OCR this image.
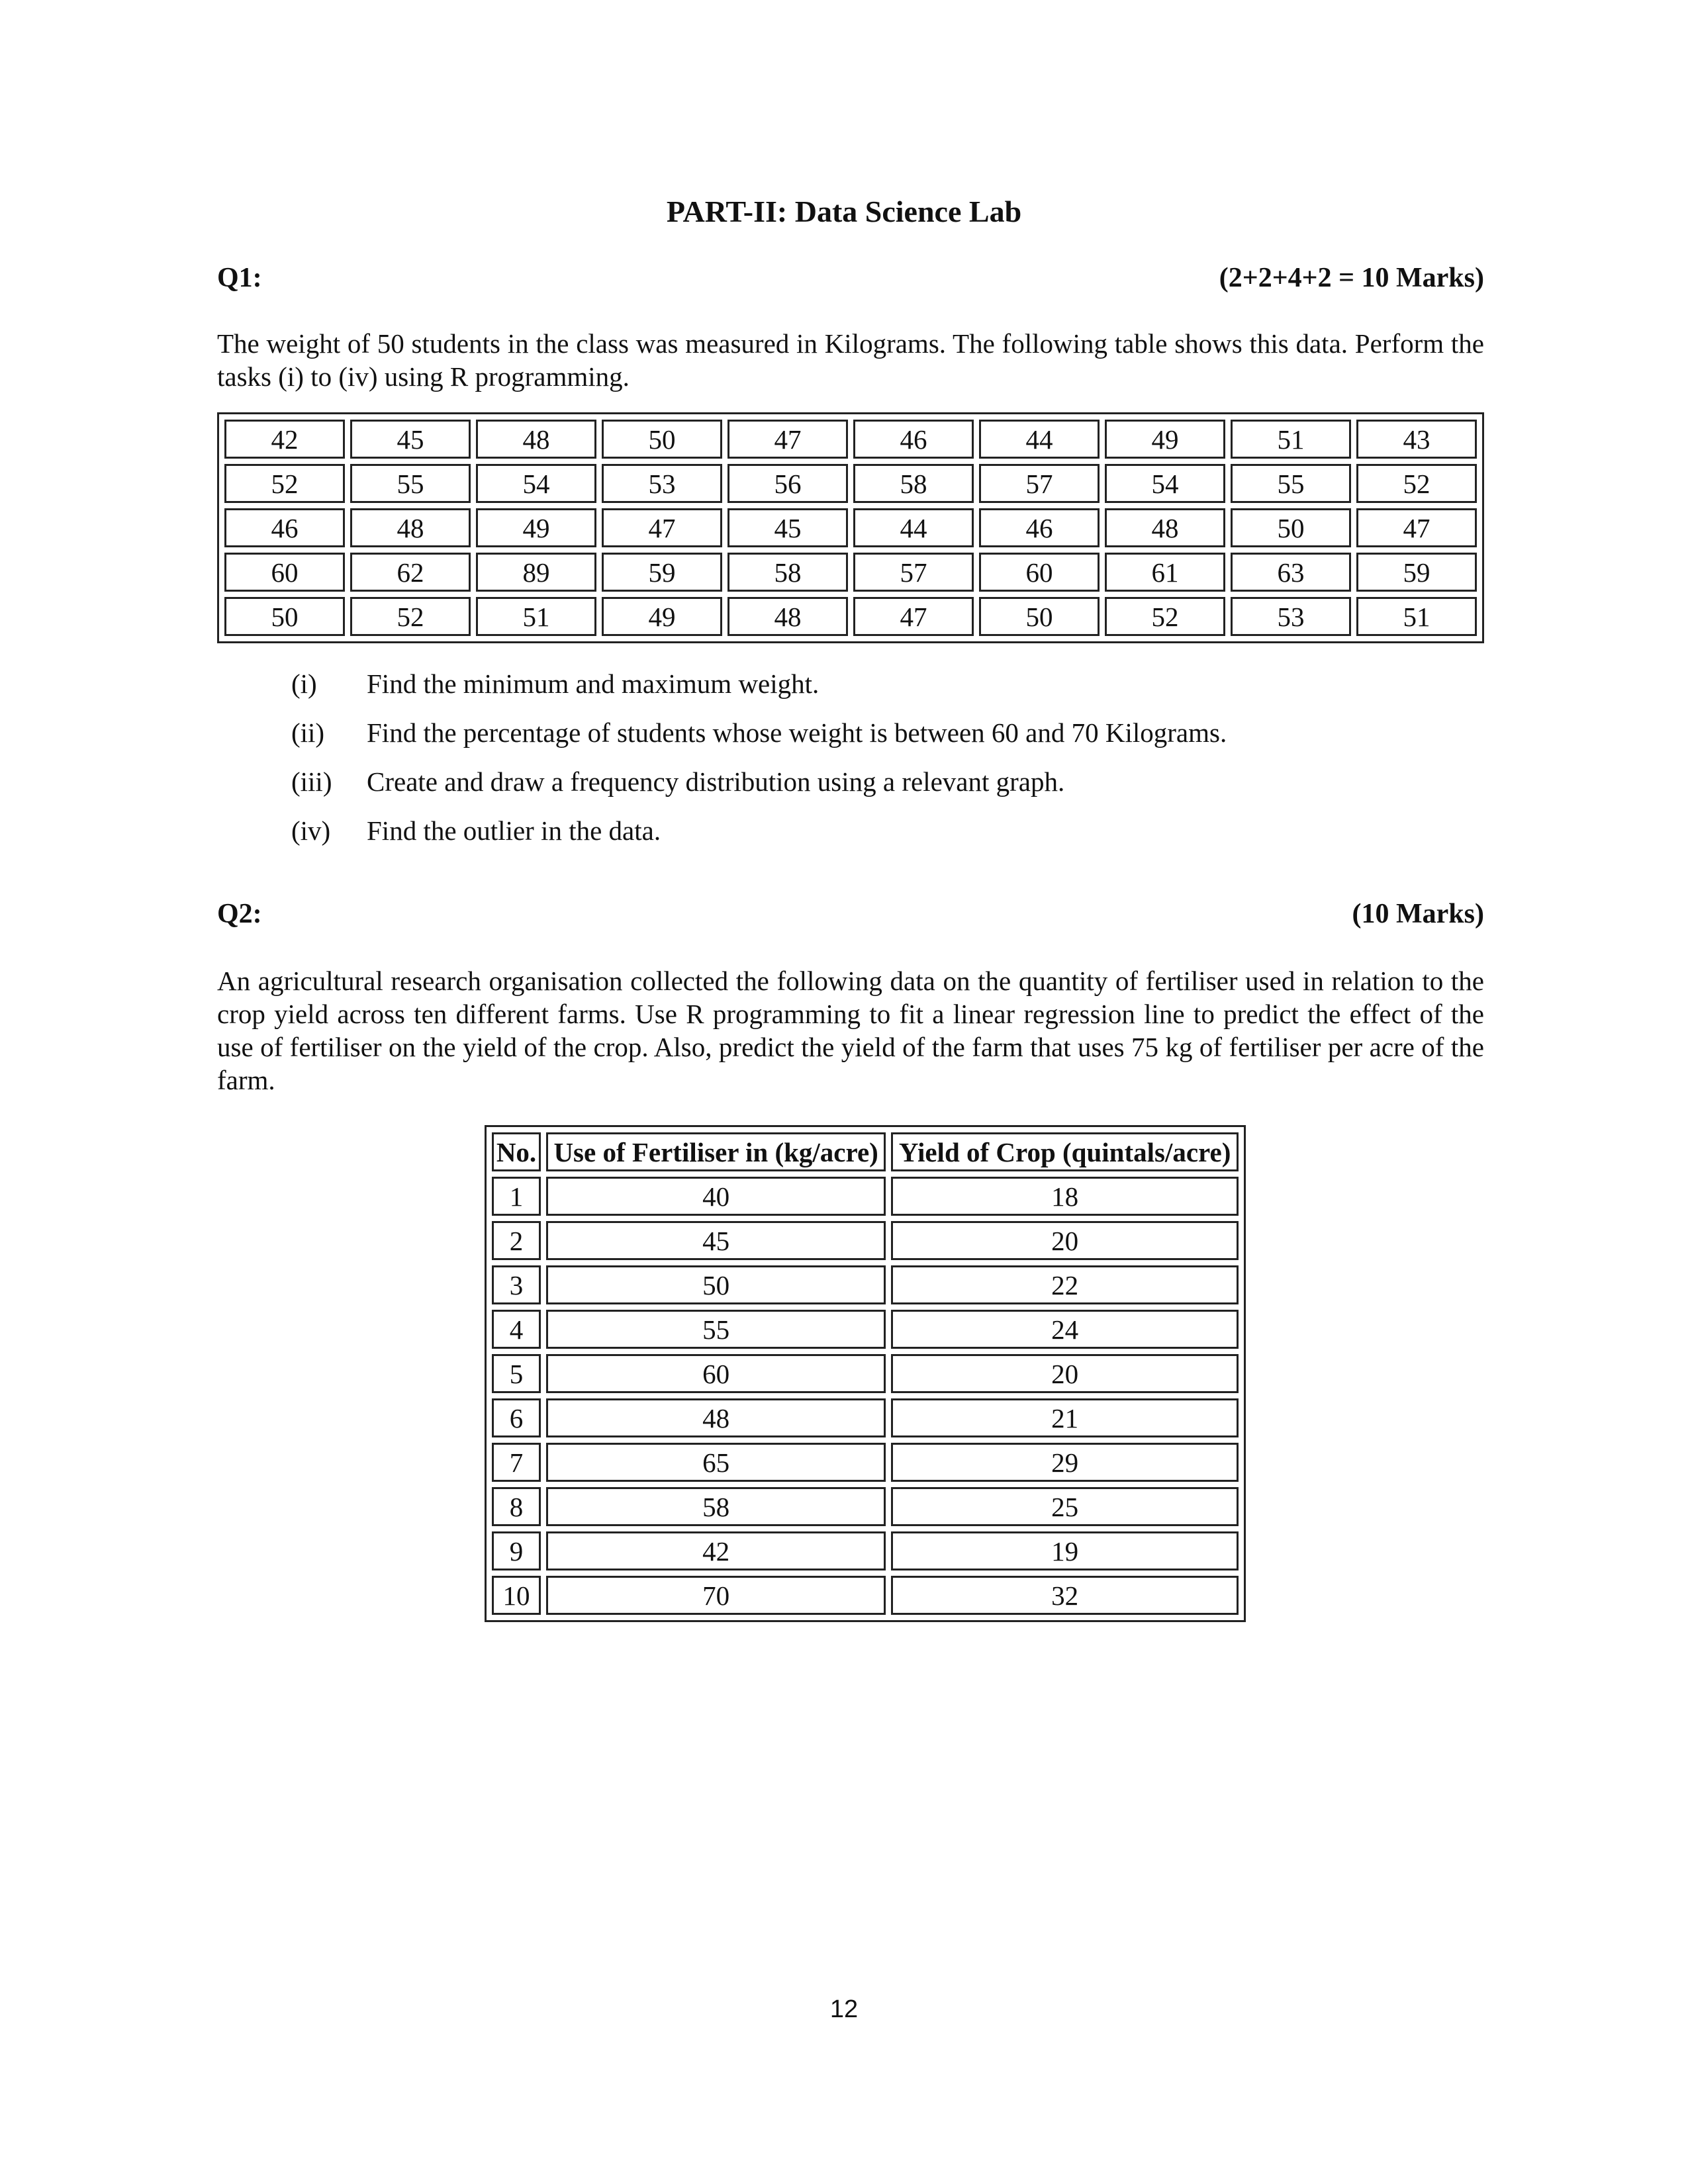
PART-II: Data Science Lab
Q1:	(2+2+4+2 = 10 Marks)
The weight of 50 students in the class was measured in Kilograms. The following table shows this data. Perform the tasks (i) to (iv) using R programming.
42	45	48	50	47	46	44	49	51	43
52	55	54	53	56	58	57	54	55	52
46	48	49	47	45	44	46	48	50	47
60	62	89	59	58	57	60	61	63	59
50	52	51	49	48	47	50	52	53	51
(i)	Find the minimum and maximum weight.
(ii)	Find the percentage of students whose weight is between 60 and 70 Kilograms.
(iii)	Create and draw a frequency distribution using a relevant graph.
(iv)	Find the outlier in the data.
Q2:	(10 Marks)
An agricultural research organisation collected the following data on the quantity of fertiliser used in relation to the crop yield across ten different farms. Use R programming to fit a linear regression line to predict the effect of the use of fertiliser on the yield of the crop. Also, predict the yield of the farm that uses 75 kg of fertiliser per acre of the farm.
No.	Use of Fertiliser in (kg/acre)	Yield of Crop (quintals/acre)
1	40	18
2	45	20
3	50	22
4	55	24
5	60	20
6	48	21
7	65	29
8	58	25
9	42	19
10	70	32
12
